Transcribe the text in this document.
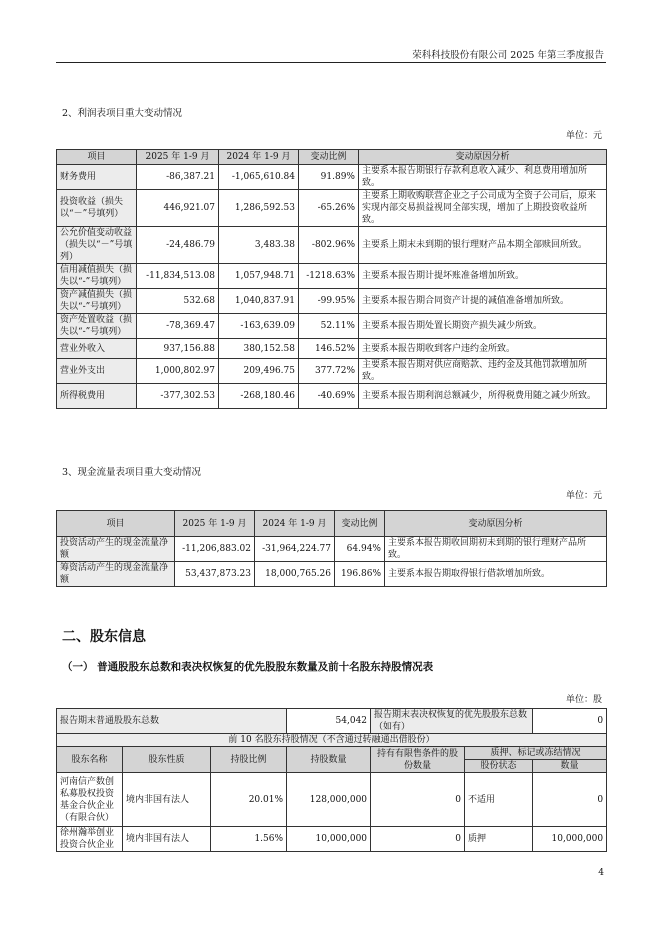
荣科科技股份有限公司 2025 年第三季度报告
2、利润表项目重大变动情况
单位：元
项目	2025 年 1-9 月	2024 年 1-9 月	变动比例	变动原因分析
财务费用	-86,387.21	-1,065,610.84	91.89%	主要系本报告期银行存款利息收入减少、利息费用增加所致。
投资收益（损失以“－”号填列）	446,921.07	1,286,592.53	-65.26%	主要系上期收购联营企业之子公司成为全资子公司后，原来实现内部交易损益视同全部实现，增加了上期投资收益所致。
公允价值变动收益（损失以“－”号填列）	-24,486.79	3,483.38	-802.96%	主要系上期末未到期的银行理财产品本期全部赎回所致。
信用减值损失（损失以“-”号填列）	-11,834,513.08	1,057,948.71	-1218.63%	主要系本报告期计提坏账准备增加所致。
资产减值损失（损失以“-”号填列）	532.68	1,040,837.91	-99.95%	主要系本报告期合同资产计提的减值准备增加所致。
资产处置收益（损失以“-”号填列）	-78,369.47	-163,639.09	52.11%	主要系本报告期处置长期资产损失减少所致。
营业外收入	937,156.88	380,152.58	146.52%	主要系本报告期收到客户违约金所致。
营业外支出	1,000,802.97	209,496.75	377.72%	主要系本报告期对供应商赔款、违约金及其他罚款增加所致。
所得税费用	-377,302.53	-268,180.46	-40.69%	主要系本报告期利润总额减少，所得税费用随之减少所致。
3、现金流量表项目重大变动情况
单位：元
项目	2025 年 1-9 月	2024 年 1-9 月	变动比例	变动原因分析
投资活动产生的现金流量净额	-11,206,883.02	-31,964,224.77	64.94%	主要系本报告期收回期初未到期的银行理财产品所致。
筹资活动产生的现金流量净额	53,437,873.23	18,000,765.26	196.86%	主要系本报告期取得银行借款增加所致。
二、股东信息
（一） 普通股股东总数和表决权恢复的优先股股东数量及前十名股东持股情况表
单位：股
报告期末普通股股东总数			54,042	报告期末表决权恢复的优先股股东总数（如有）		0
前 10 名股东持股情况（不含通过转融通出借股份）						
股东名称	股东性质	持股比例	持股数量	持有有限售条件的股份数量	质押、标记或冻结情况	
					股份状态	数量
河南信产数创私募股权投资基金合伙企业（有限合伙）	境内非国有法人	20.01%	128,000,000	0	不适用	0
徐州瀚举创业投资合伙企业	境内非国有法人	1.56%	10,000,000	0	质押	10,000,000
4
